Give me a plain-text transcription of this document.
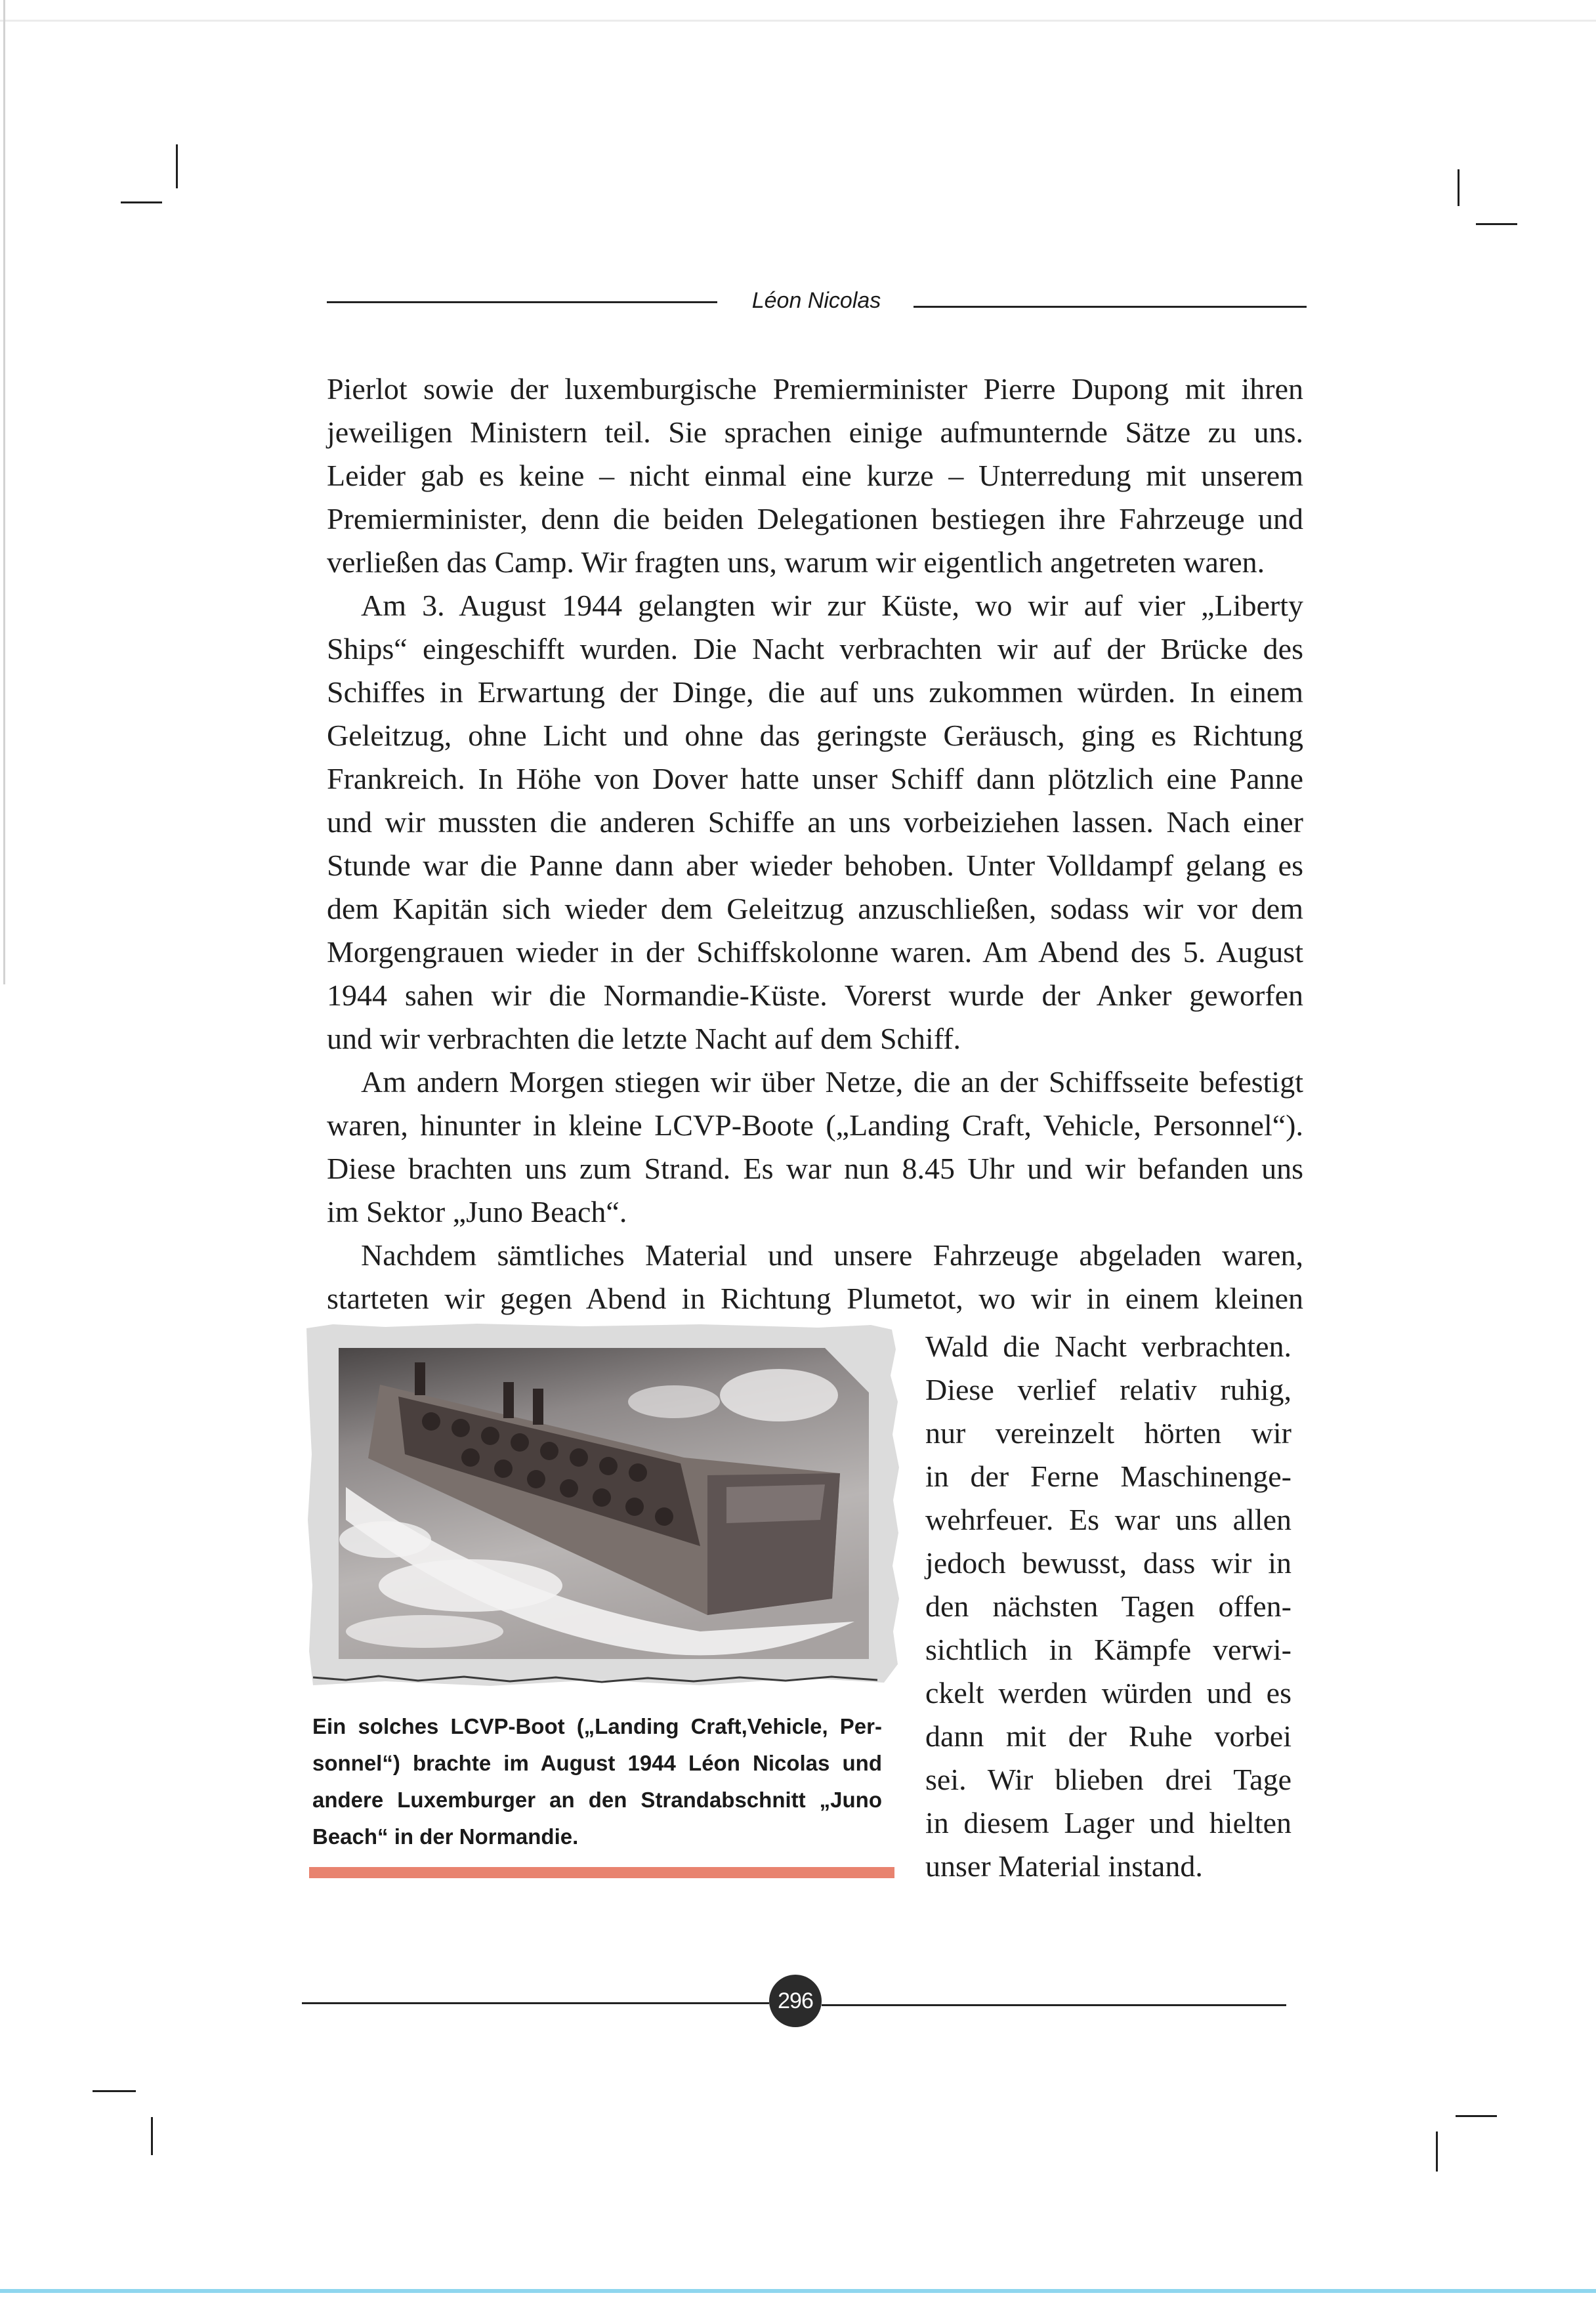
Léon Nicolas
Pierlot sowie der luxemburgische Premierminister Pierre Dupong mit ihren
jeweiligen Ministern teil. Sie sprachen einige aufmunternde Sätze zu uns.
Leider gab es keine – nicht einmal eine kurze – Unterredung mit unserem
Premierminister, denn die beiden Delegationen bestiegen ihre Fahrzeuge und
verließen das Camp. Wir fragten uns, warum wir eigentlich angetreten waren.
Am 3. August 1944 gelangten wir zur Küste, wo wir auf vier „Liberty
Ships“ eingeschifft wurden. Die Nacht verbrachten wir auf der Brücke des
Schiffes in Erwartung der Dinge, die auf uns zukommen würden. In einem
Geleitzug, ohne Licht und ohne das geringste Geräusch, ging es Richtung
Frankreich. In Höhe von Dover hatte unser Schiff dann plötzlich eine Panne
und wir mussten die anderen Schiffe an uns vorbeiziehen lassen. Nach einer
Stunde war die Panne dann aber wieder behoben. Unter Volldampf gelang es
dem Kapitän sich wieder dem Geleitzug anzuschließen, sodass wir vor dem
Morgengrauen wieder in der Schiffskolonne waren. Am Abend des 5. August
1944 sahen wir die Normandie-Küste. Vorerst wurde der Anker geworfen
und wir verbrachten die letzte Nacht auf dem Schiff.
Am andern Morgen stiegen wir über Netze, die an der Schiffsseite befestigt
waren, hinunter in kleine LCVP-Boote („Landing Craft, Vehicle, Personnel“).
Diese brachten uns zum Strand. Es war nun 8.45 Uhr und wir befanden uns
im Sektor „Juno Beach“.
Nachdem sämtliches Material und unsere Fahrzeuge abgeladen waren,
starteten wir gegen Abend in Richtung Plumetot, wo wir in einem kleinen
Ein solches LCVP-Boot („Landing Craft,Vehicle, Per-
sonnel“) brachte im August 1944 Léon Nicolas und
andere Luxemburger an den Strandabschnitt „Juno
Beach“ in der Normandie.
Wald die Nacht verbrachten.
Diese verlief relativ ruhig,
nur vereinzelt hörten wir
in der Ferne Maschinenge-
wehrfeuer. Es war uns allen
jedoch bewusst, dass wir in
den nächsten Tagen offen-
sichtlich in Kämpfe verwi-
ckelt werden würden und es
dann mit der Ruhe vorbei
sei. Wir blieben drei Tage
in diesem Lager und hielten
unser Material instand.
296
